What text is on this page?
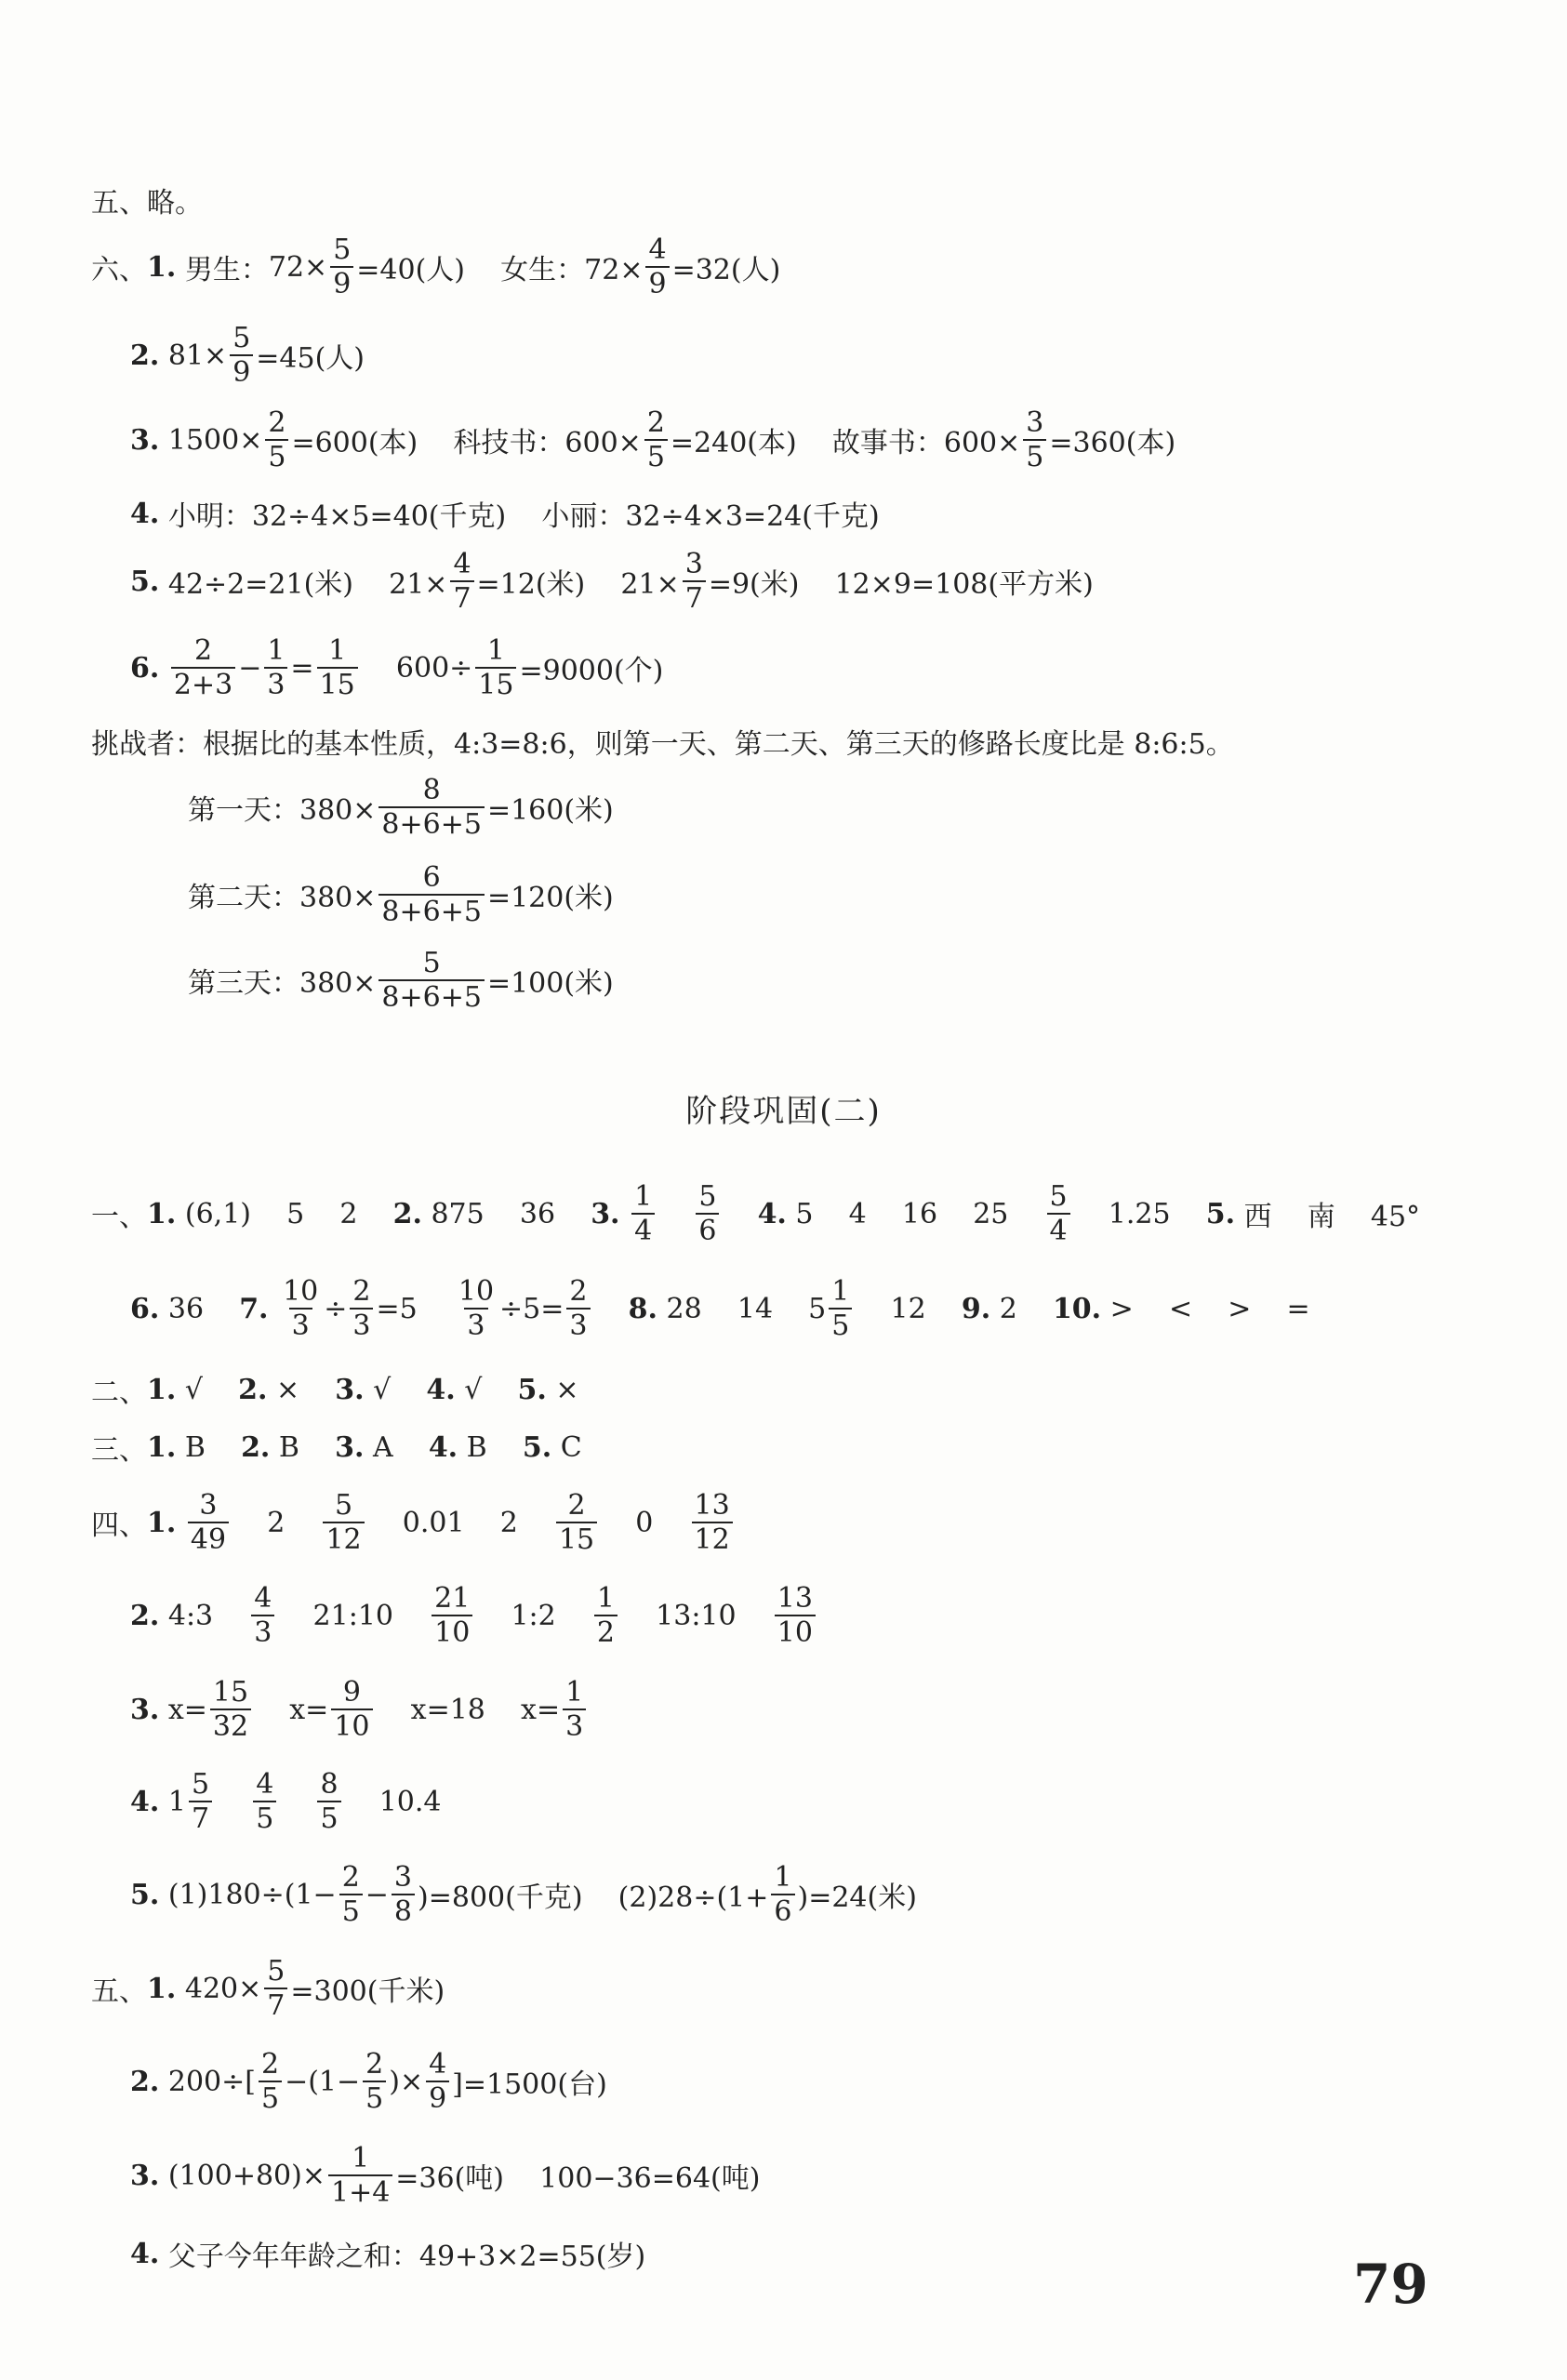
五、略。
六、 1. 男生： $72\times \frac{5}{9} =40$(人)    女生：$72\times \frac{4}{9} =32$(人)
2. $81\times \frac{5}{9} =45$(人)
3. $1500\times \frac{2}{5} =600$(本)    科技书：$600\times \frac{2}{5} =240$(本)    故事书：$600\times \frac{3}{5} =360$(本)
4. 小明：32÷4×5=40(千克)    小丽：32÷4×3=24(千克)
5. 42÷2=21(米)    $21\times \frac{4}{7} =12$(米)    $21\times \frac{3}{7} =9$(米)    12×9=108(平方米)
6.
$\frac{2}{2+3} - \frac{1}{3} = \frac{1}{15} 600\div \frac{1}{15} =9000$(个)
挑战者：根据比的基本性质，4:3=8:6，则第一天、第二天、第三天的修路长度比是 8:6:5。
第一天：$380\times \frac{8}{8+6+5} =160$(米)
第二天：$380\times \frac{6}{8+6+5} =120$(米)
第三天：$380\times \frac{5}{8+6+5} =100$(米)
阶段巩固(二)
一、 1. (6,1)    5    2 2. 875    36 3.
$\frac{1}{4}$
$\frac{5}{6}$
4. 5    4    16    $25 \frac{5}{4} 1.25$ 5. 西    南    45°
6. 36 7.
$\frac{10}{3} \div \frac{2}{3} =5 \frac{10}{3} \div 5= \frac{2}{3}$
8. 28    14    $5 \frac{1}{5} 12$ 9. 2 10. >    <    >    =
二、 1. √ 2. × 3. √ 4. √ 5. ×
三、 1. B 2. B 3. A 4. B 5. C
四、 1.
$\frac{3}{49} 2 \frac{5}{12} 0.01$    $2 \frac{2}{15} 0 \frac{13}{12}$
2. 4:3 $\frac{4}{3}$ 21:10 $\frac{21}{10}$ 1:2 $\frac{1}{2}$ 13:10 $\frac{13}{10}$
3. $x= \frac{15}{32} x= \frac{9}{10} x=18$    $x= \frac{1}{3}$
4. $1 \frac{5}{7}$
$\frac{4}{5}$
$\frac{8}{5} 10.4$
5. $(1)180\div(1- \frac{2}{5} - \frac{3}{8} )=800$(千克)    $(2)28\div(1+ \frac{1}{6} )=24$(米)
五、 1. $420\times \frac{5}{7} =300$(千米)
2. $200\div[ \frac{2}{5} -(1- \frac{2}{5}$ )× $\frac{4}{9} ]=1500$(台)
3. $(100+80)\times \frac{1}{1+4} =36$(吨)    100−36=64(吨)
4. 父子今年年龄之和：49+3×2=55(岁)	79
